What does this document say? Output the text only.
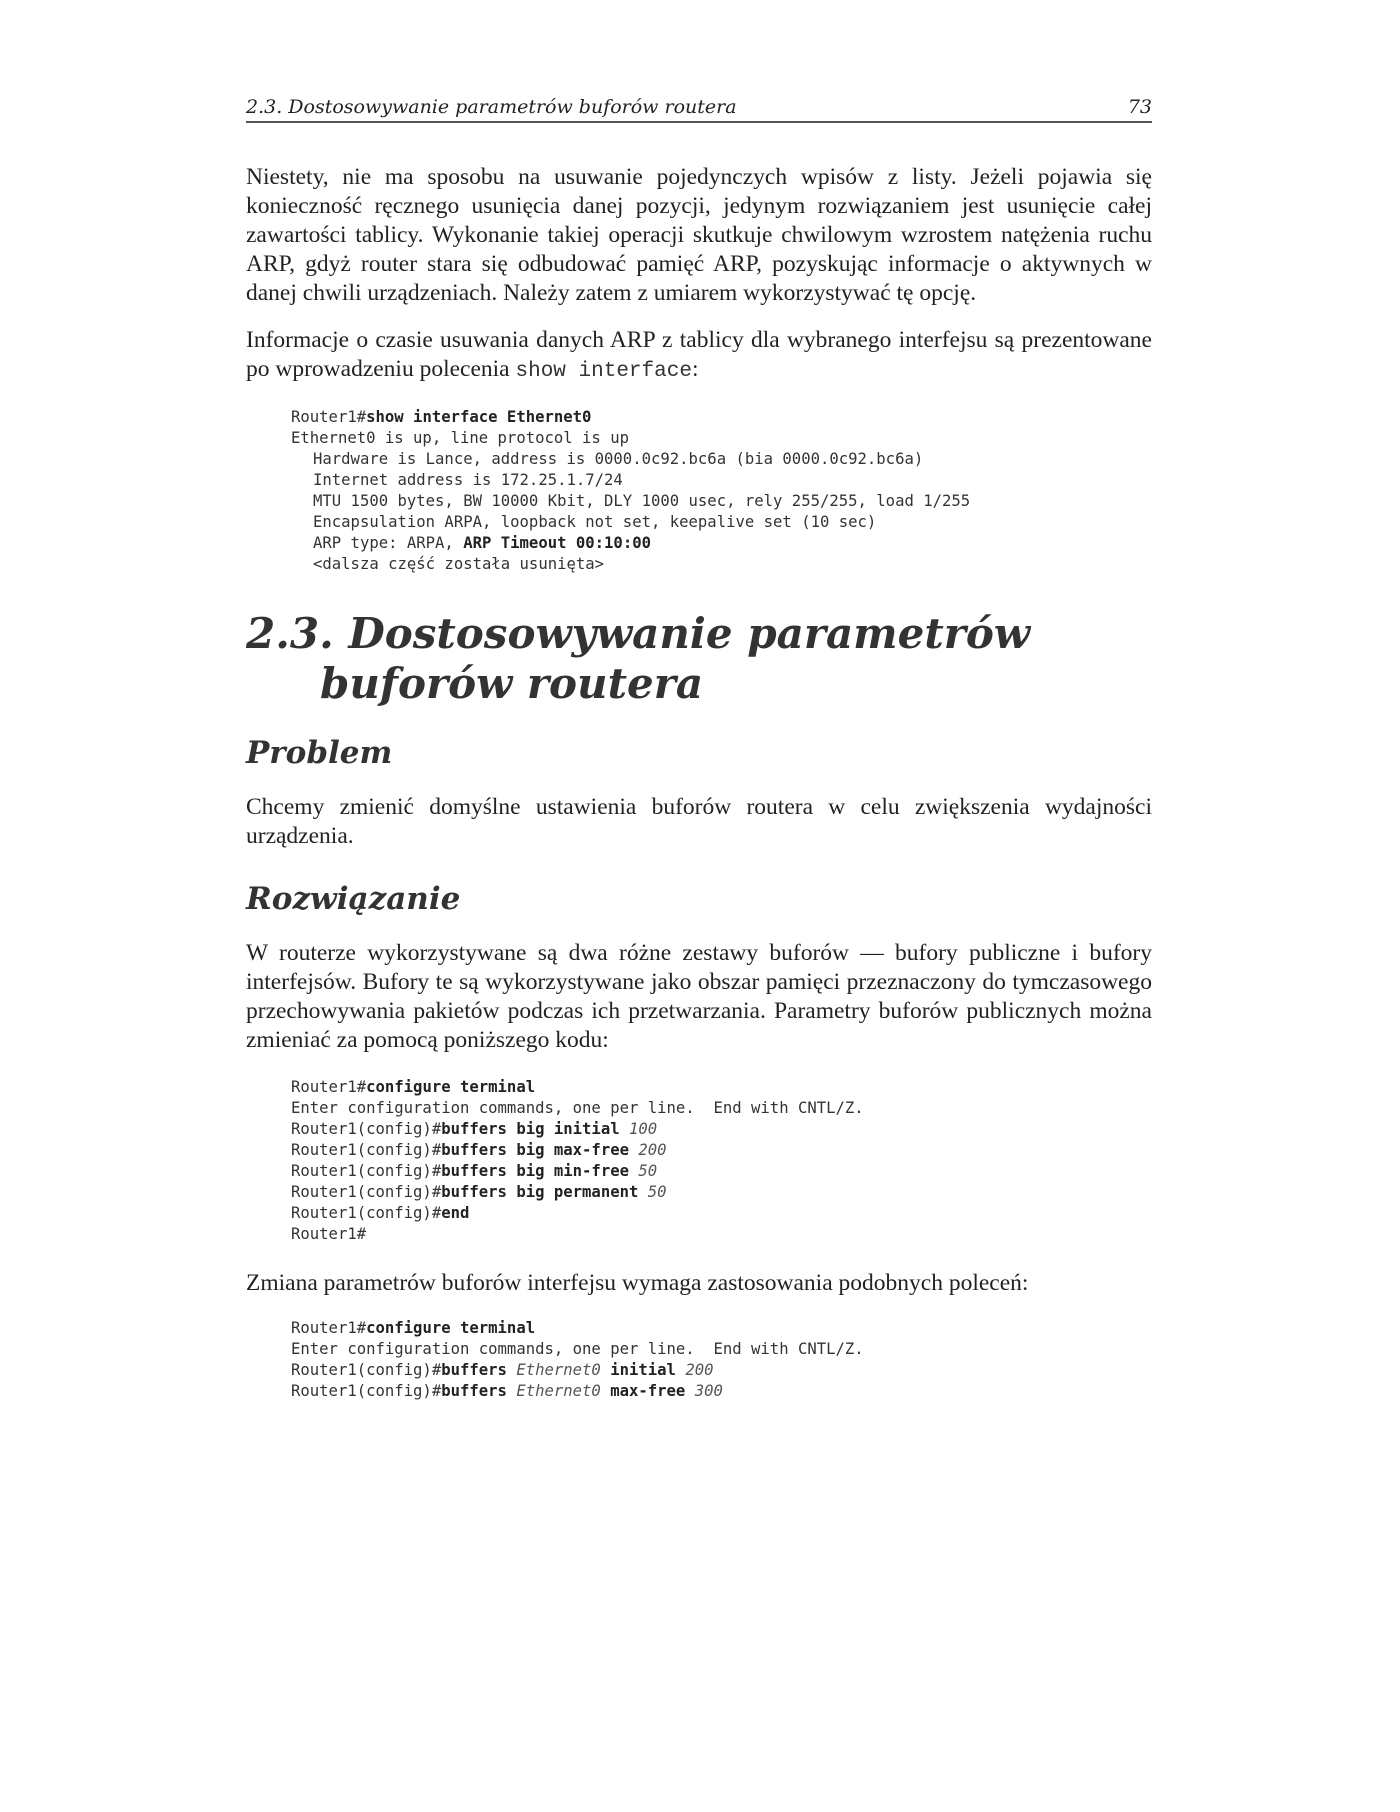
2.3. Dostosowywanie parametrów buforów routera	73

Niestety, nie ma sposobu na usuwanie pojedynczych wpisów z listy. Jeżeli pojawia się konieczność ręcznego usunięcia danej pozycji, jedynym rozwiązaniem jest usunięcie całej zawartości tablicy. Wykonanie takiej operacji skutkuje chwilowym wzrostem natężenia ruchu ARP, gdyż router stara się odbudować pamięć ARP, pozyskując informacje o aktywnych w danej chwili urządzeniach. Należy zatem z umiarem wykorzystywać tę opcję.

Informacje o czasie usuwania danych ARP z tablicy dla wybranego interfejsu są prezentowane po wprowadzeniu polecenia show interface:

Router1#show interface Ethernet0
Ethernet0 is up, line protocol is up

Hardware is Lance, address is 0000.0c92.bc6a (bia 0000.0c92.bc6a)
Internet address is 172.25.1.7/24
MTU 1500 bytes, BW 10000 Kbit, DLY 1000 usec, rely 255/255, load 1/255
Encapsulation ARPA, loopback not set, keepalive set (10 sec)
ARP type: ARPA, ARP Timeout 00:10:00
<dalsza część została usunięta>
2.3. Dostosowywanie parametrów
buforów routera
Problem

Chcemy zmienić domyślne ustawienia buforów routera w celu zwiększenia wydajności urządzenia.

Rozwiązanie

W routerze wykorzystywane są dwa różne zestawy buforów — bufory publiczne i bufory interfejsów. Bufory te są wykorzystywane jako obszar pamięci przeznaczony do tymczasowego przechowywania pakietów podczas ich przetwarzania. Parametry buforów publicznych można zmieniać za pomocą poniższego kodu:

Router1#configure terminal
Enter configuration commands, one per line.  End with CNTL/Z.
Router1(config)#buffers big initial 100
Router1(config)#buffers big max-free 200
Router1(config)#buffers big min-free 50
Router1(config)#buffers big permanent 50
Router1(config)#end
Router1#

Zmiana parametrów buforów interfejsu wymaga zastosowania podobnych poleceń:

Router1#configure terminal
Enter configuration commands, one per line.  End with CNTL/Z.
Router1(config)#buffers Ethernet0 initial 200
Router1(config)#buffers Ethernet0 max-free 300
